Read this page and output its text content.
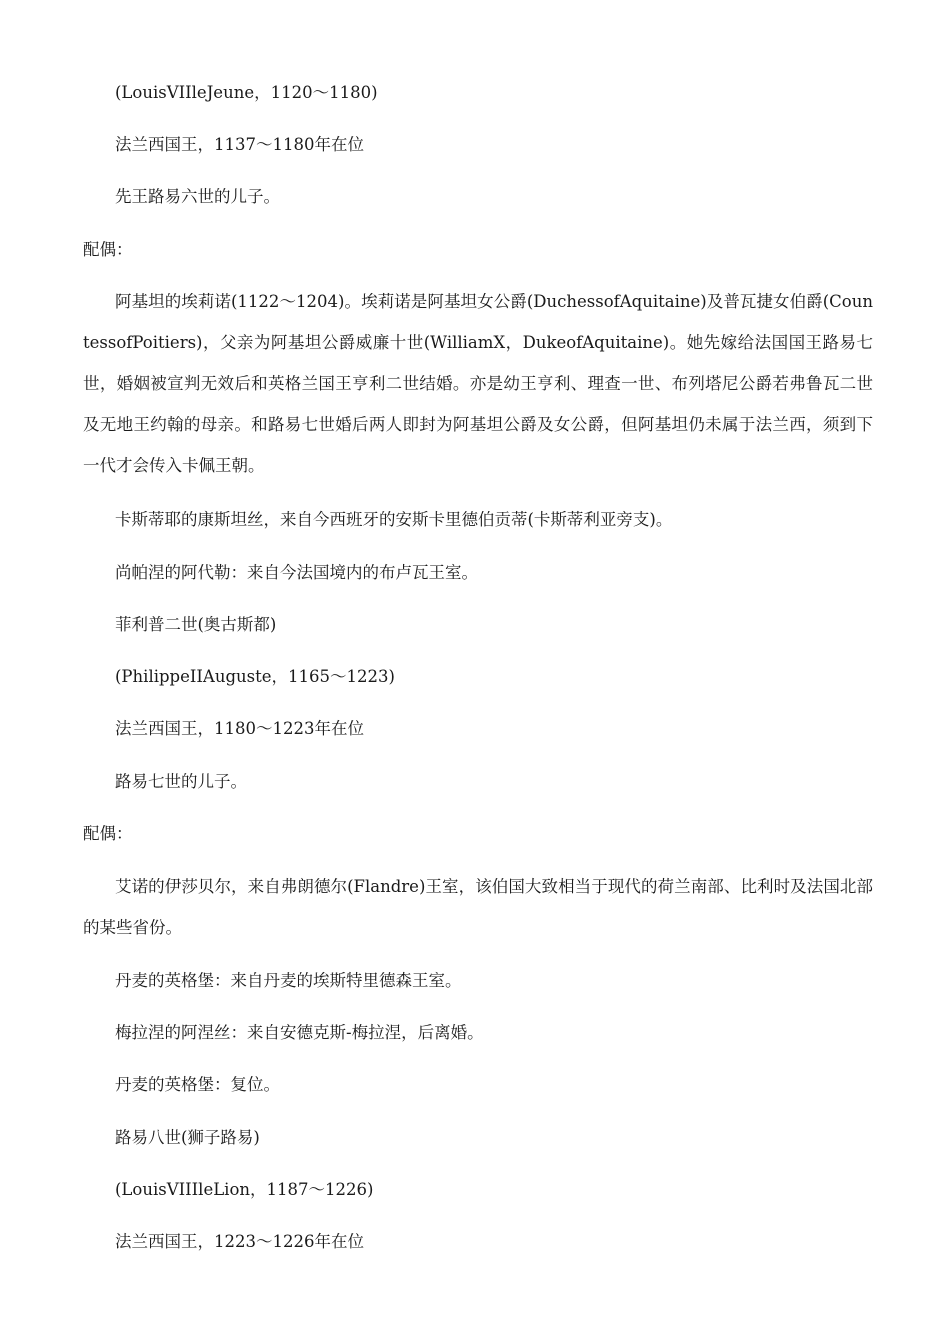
(LouisVIIleJeune，1120～1180)

法兰西国王，1137～1180年在位

先王路易六世的儿子。

配偶：

阿基坦的埃莉诺(1122～1204)。埃莉诺是阿基坦女公爵(DuchessofAquitaine)及普瓦捷女伯爵(CountessofPoitiers)，父亲为阿基坦公爵威廉十世(WilliamX，DukeofAquitaine)。她先嫁给法国国王路易七世，婚姻被宣判无效后和英格兰国王亨利二世结婚。亦是幼王亨利、理查一世、布列塔尼公爵若弗鲁瓦二世及无地王约翰的母亲。和路易七世婚后两人即封为阿基坦公爵及女公爵，但阿基坦仍未属于法兰西，须到下一代才会传入卡佩王朝。

卡斯蒂耶的康斯坦丝，来自今西班牙的安斯卡里德伯贡蒂(卡斯蒂利亚旁支)。

尚帕涅的阿代勒：来自今法国境内的布卢瓦王室。

菲利普二世(奥古斯都)

(PhilippeIIAuguste，1165～1223)

法兰西国王，1180～1223年在位

路易七世的儿子。

配偶：

艾诺的伊莎贝尔，来自弗朗德尔(Flandre)王室，该伯国大致相当于现代的荷兰南部、比利时及法国北部的某些省份。

丹麦的英格堡：来自丹麦的埃斯特里德森王室。

梅拉涅的阿涅丝：来自安德克斯-梅拉涅，后离婚。

丹麦的英格堡：复位。

路易八世(狮子路易)

(LouisVIIIleLion，1187～1226)

法兰西国王，1223～1226年在位
